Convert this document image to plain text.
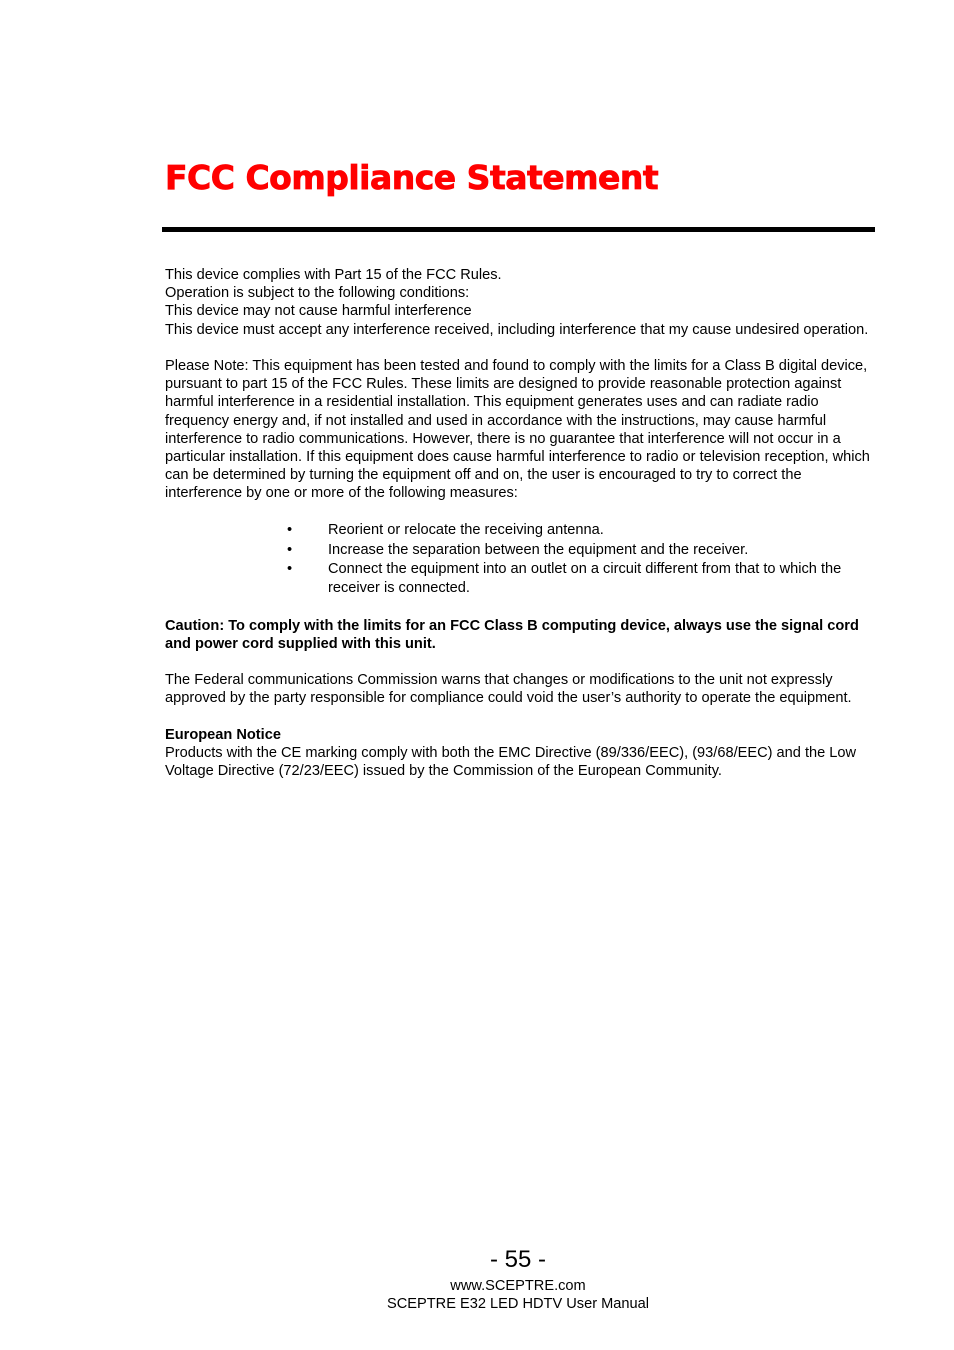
FCC Compliance Statement

This device complies with Part 15 of the FCC Rules.

Operation is subject to the following conditions:

This device may not cause harmful interference

This device must accept any interference received, including interference that my cause undesired operation.

Please Note: This equipment has been tested and found to comply with the limits for a Class B digital device, pursuant to part 15 of the FCC Rules. These limits are designed to provide reasonable protection against harmful interference in a residential installation. This equipment generates uses and can radiate radio frequency energy and, if not installed and used in accordance with the instructions, may cause harmful interference to radio communications. However, there is no guarantee that interference will not occur in a particular installation. If this equipment does cause harmful interference to radio or television reception, which can be determined by turning the equipment off and on, the user is encouraged to try to correct the interference by one or more of the following measures:

• Reorient or relocate the receiving antenna.
• Increase the separation between the equipment and the receiver.
• Connect the equipment into an outlet on a circuit different from that to which the receiver is connected.

Caution: To comply with the limits for an FCC Class B computing device, always use the signal cord and power cord supplied with this unit.

The Federal communications Commission warns that changes or modifications to the unit not expressly approved by the party responsible for compliance could void the user’s authority to operate the equipment.

European Notice

Products with the CE marking comply with both the EMC Directive (89/336/EEC), (93/68/EEC) and the Low Voltage Directive (72/23/EEC) issued by the Commission of the European Community.

- 55 -
www.SCEPTRE.com
SCEPTRE E32 LED HDTV User Manual
